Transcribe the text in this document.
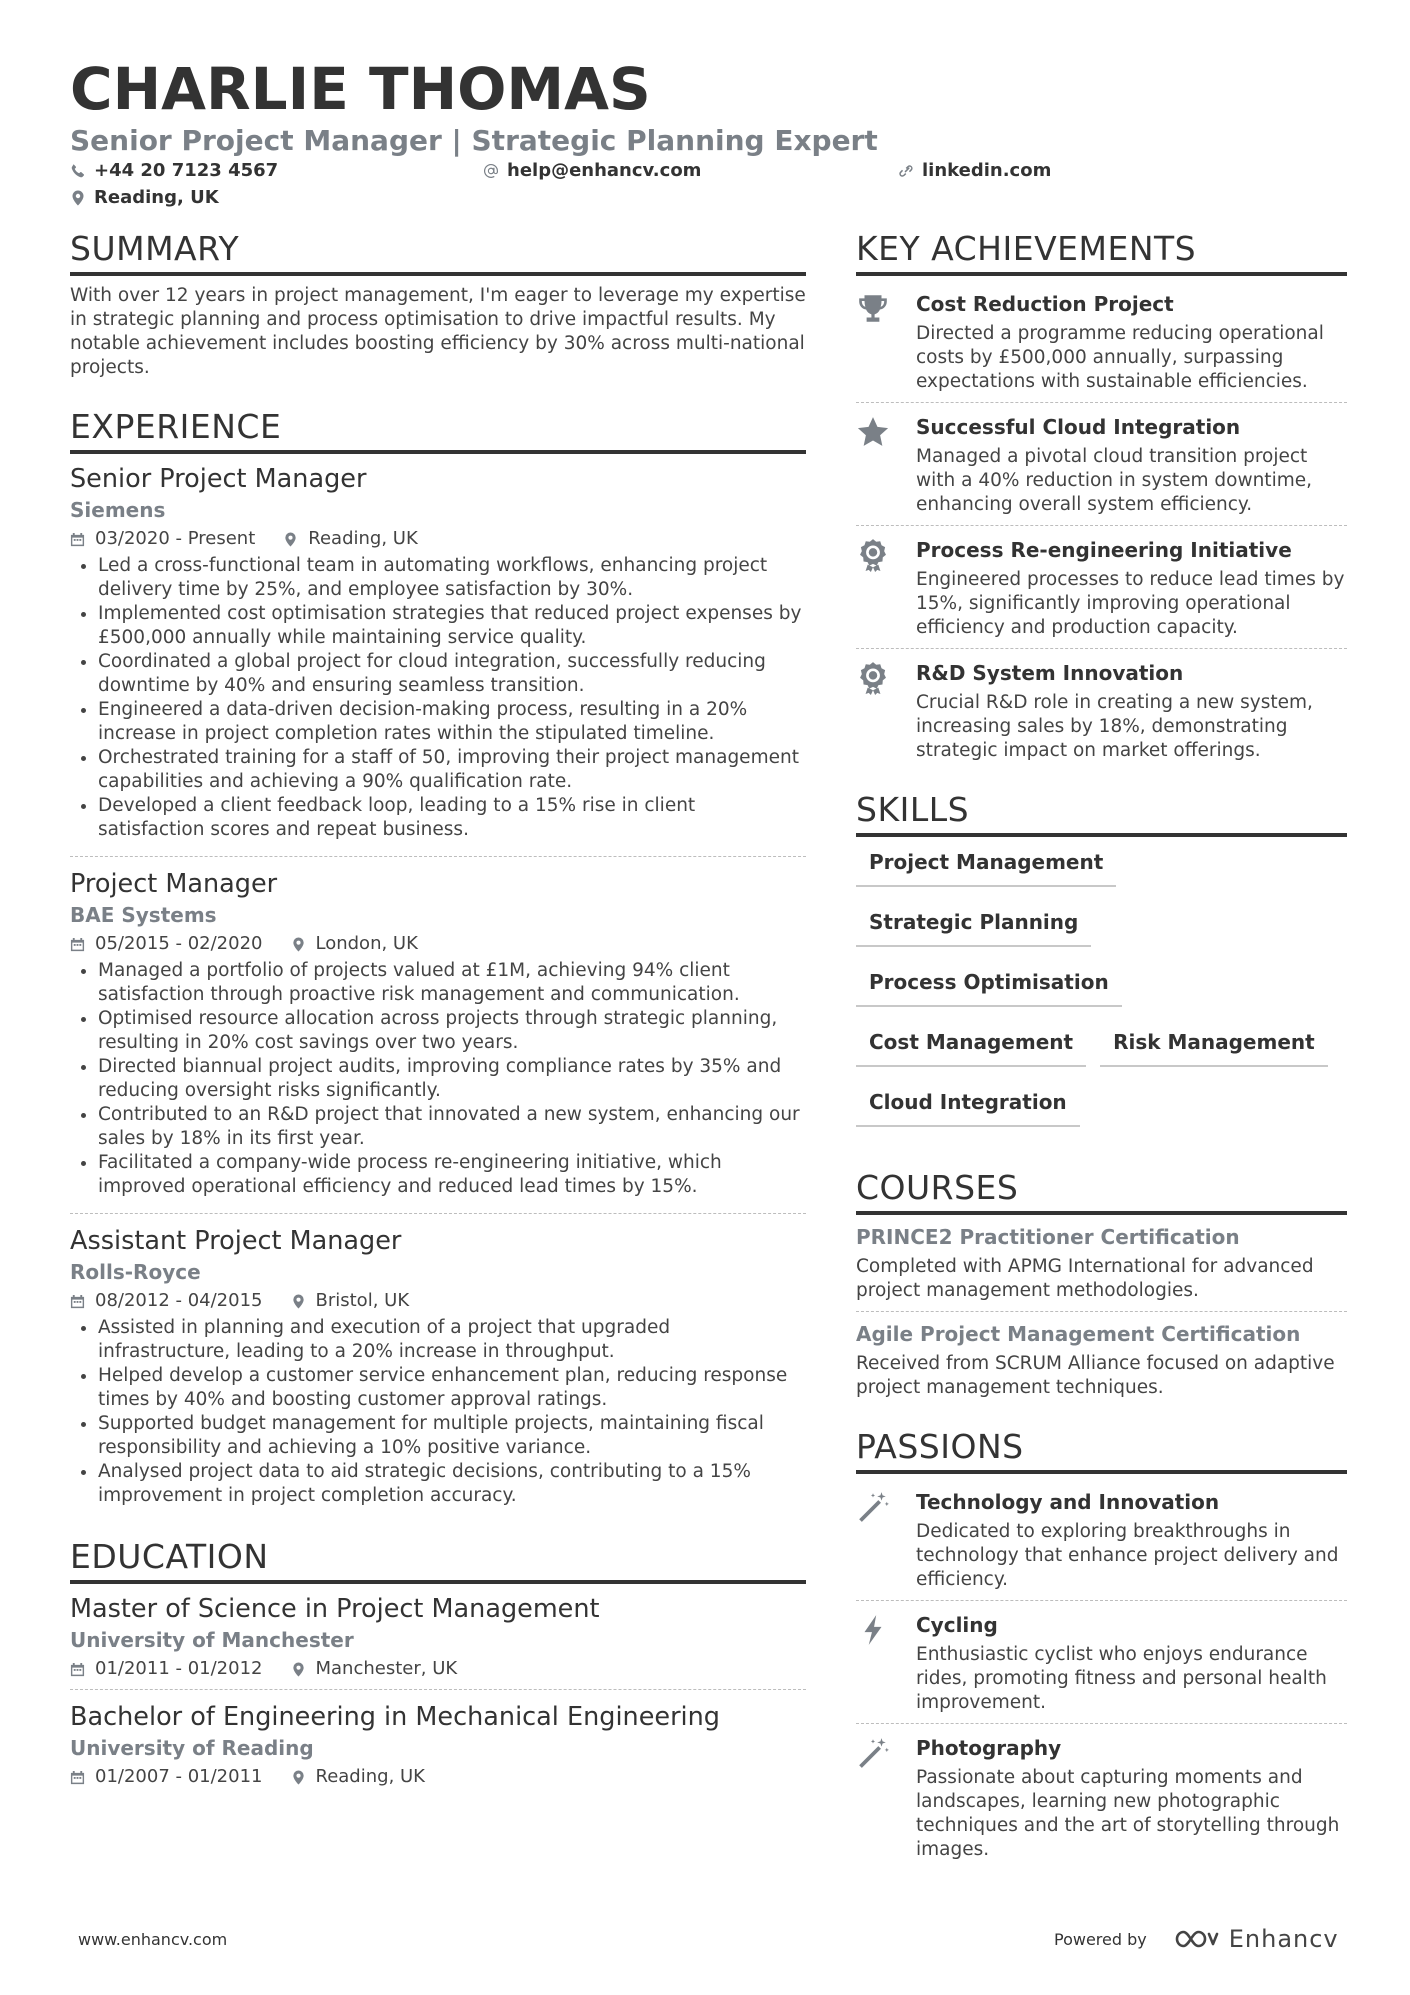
CHARLIE THOMAS
Senior Project Manager | Strategic Planning Expert
+44 20 7123 4567	help@enhancv.com	linkedin.com
Reading, UK
SUMMARY

With over 12 years in project management, I'm eager to leverage my expertise in strategic planning and process optimisation to drive impactful results. My notable achievement includes boosting efficiency by 30% across multi-national projects.

EXPERIENCE
Senior Project Manager
Siemens
03/2020 - Present	Reading, UK
• Led a cross-functional team in automating workflows, enhancing project delivery time by 25%, and employee satisfaction by 30%.
• Implemented cost optimisation strategies that reduced project expenses by £500,000 annually while maintaining service quality.
• Coordinated a global project for cloud integration, successfully reducing downtime by 40% and ensuring seamless transition.
• Engineered a data-driven decision-making process, resulting in a 20% increase in project completion rates within the stipulated timeline.
• Orchestrated training for a staff of 50, improving their project management capabilities and achieving a 90% qualification rate.
• Developed a client feedback loop, leading to a 15% rise in client satisfaction scores and repeat business.
Project Manager
BAE Systems
05/2015 - 02/2020	London, UK
• Managed a portfolio of projects valued at £1M, achieving 94% client satisfaction through proactive risk management and communication.
• Optimised resource allocation across projects through strategic planning, resulting in 20% cost savings over two years.
• Directed biannual project audits, improving compliance rates by 35% and reducing oversight risks significantly.
• Contributed to an R&D project that innovated a new system, enhancing our sales by 18% in its first year.
• Facilitated a company-wide process re-engineering initiative, which improved operational efficiency and reduced lead times by 15%.
Assistant Project Manager
Rolls-Royce
08/2012 - 04/2015	Bristol, UK
• Assisted in planning and execution of a project that upgraded infrastructure, leading to a 20% increase in throughput.
• Helped develop a customer service enhancement plan, reducing response times by 40% and boosting customer approval ratings.
• Supported budget management for multiple projects, maintaining fiscal responsibility and achieving a 10% positive variance.
• Analysed project data to aid strategic decisions, contributing to a 15% improvement in project completion accuracy.
EDUCATION
Master of Science in Project Management
University of Manchester
01/2011 - 01/2012	Manchester, UK
Bachelor of Engineering in Mechanical Engineering
University of Reading
01/2007 - 01/2011	Reading, UK
KEY ACHIEVEMENTS
Cost Reduction Project
Directed a programme reducing operational costs by £500,000 annually, surpassing expectations with sustainable efficiencies.
Successful Cloud Integration
Managed a pivotal cloud transition project with a 40% reduction in system downtime, enhancing overall system efficiency.
Process Re-engineering Initiative
Engineered processes to reduce lead times by 15%, significantly improving operational efficiency and production capacity.
R&D System Innovation
Crucial R&D role in creating a new system, increasing sales by 18%, demonstrating strategic impact on market offerings.
SKILLS
Project Management
Strategic Planning
Process Optimisation
Cost Management	Risk Management
Cloud Integration
COURSES
PRINCE2 Practitioner Certification
Completed with APMG International for advanced project management methodologies.
Agile Project Management Certification
Received from SCRUM Alliance focused on adaptive project management techniques.
PASSIONS
Technology and Innovation
Dedicated to exploring breakthroughs in technology that enhance project delivery and efficiency.
Cycling
Enthusiastic cyclist who enjoys endurance rides, promoting fitness and personal health improvement.
Photography
Passionate about capturing moments and landscapes, learning new photographic techniques and the art of storytelling through images.
www.enhancv.com	Powered by	Enhancv
